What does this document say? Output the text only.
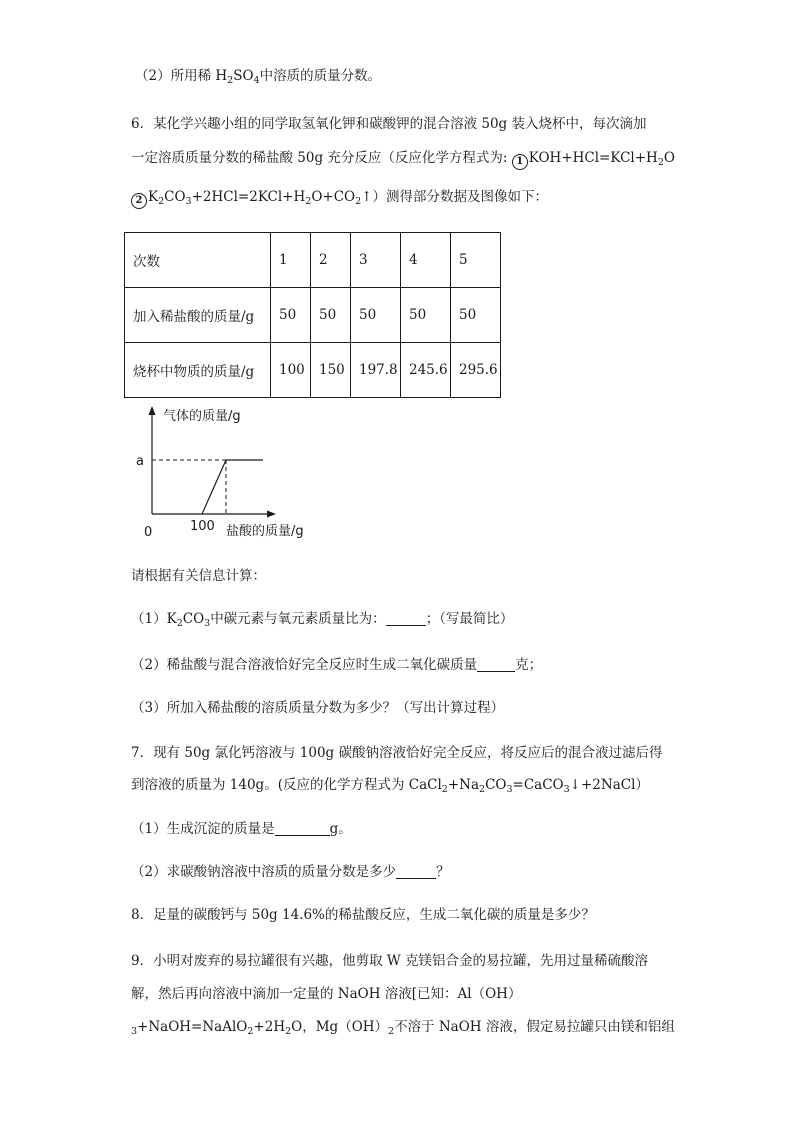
（2）所用稀 $H_2SO_4$中溶质的质量分数。
6．某化学兴趣小组的同学取氢氧化钾和碳酸钾的混合溶液 50g 装入烧杯中，每次滴加
一定溶质质量分数的稀盐酸 50g 充分反应（反应化学方程式为: 1 $KOH+HCl=KCl+H_2O$
2 $K_2CO_3+2HCl=2KCl+H_2O+CO_2↑$）测得部分数据及图像如下：
次数	1	2	3	4	5
加入稀盐酸的质量/g	50	50	50	50	50
烧杯中物质的质量/g	100	150	197.8	245.6	295.6
气体的质量/g
a
0	100 盐酸的质量/g
请根据有关信息计算：
$(1)K_2CO_3$中碳元素与氧元素质量比为：	；（写最简比）
（2）稀盐酸与混合溶液恰好完全反应时生成二氧化碳质量	克；
（3）所加入稀盐酸的溶质质量分数为多少？（写出计算过程）
7．现有 50g 氯化钙溶液与 100g 碳酸钠溶液恰好完全反应，将反应后的混合液过滤后得
到溶液的质量为 140g。(反应的化学方程式为 $CaCl_2+Na_2CO_3=CaCO_3↓+2NaCl$）
（1）生成沉淀的质量是	g。
（2）求碳酸钠溶液中溶质的质量分数是多少	？
8．足量的碳酸钙与 50g 14.6%的稀盐酸反应，生成二氧化碳的质量是多少？
9．小明对废弃的易拉罐很有兴趣，他剪取 W 克镁铝合金的易拉罐，先用过量稀硫酸溶
解，然后再向溶液中滴加一定量的 NaOH 溶液[已知：Al（OH）
$_3+NaOH=NaAlO_2+2H_2O$，$Mg(OH)_2$不溶于 NaOH 溶液，假定易拉罐只由镁和铝组
